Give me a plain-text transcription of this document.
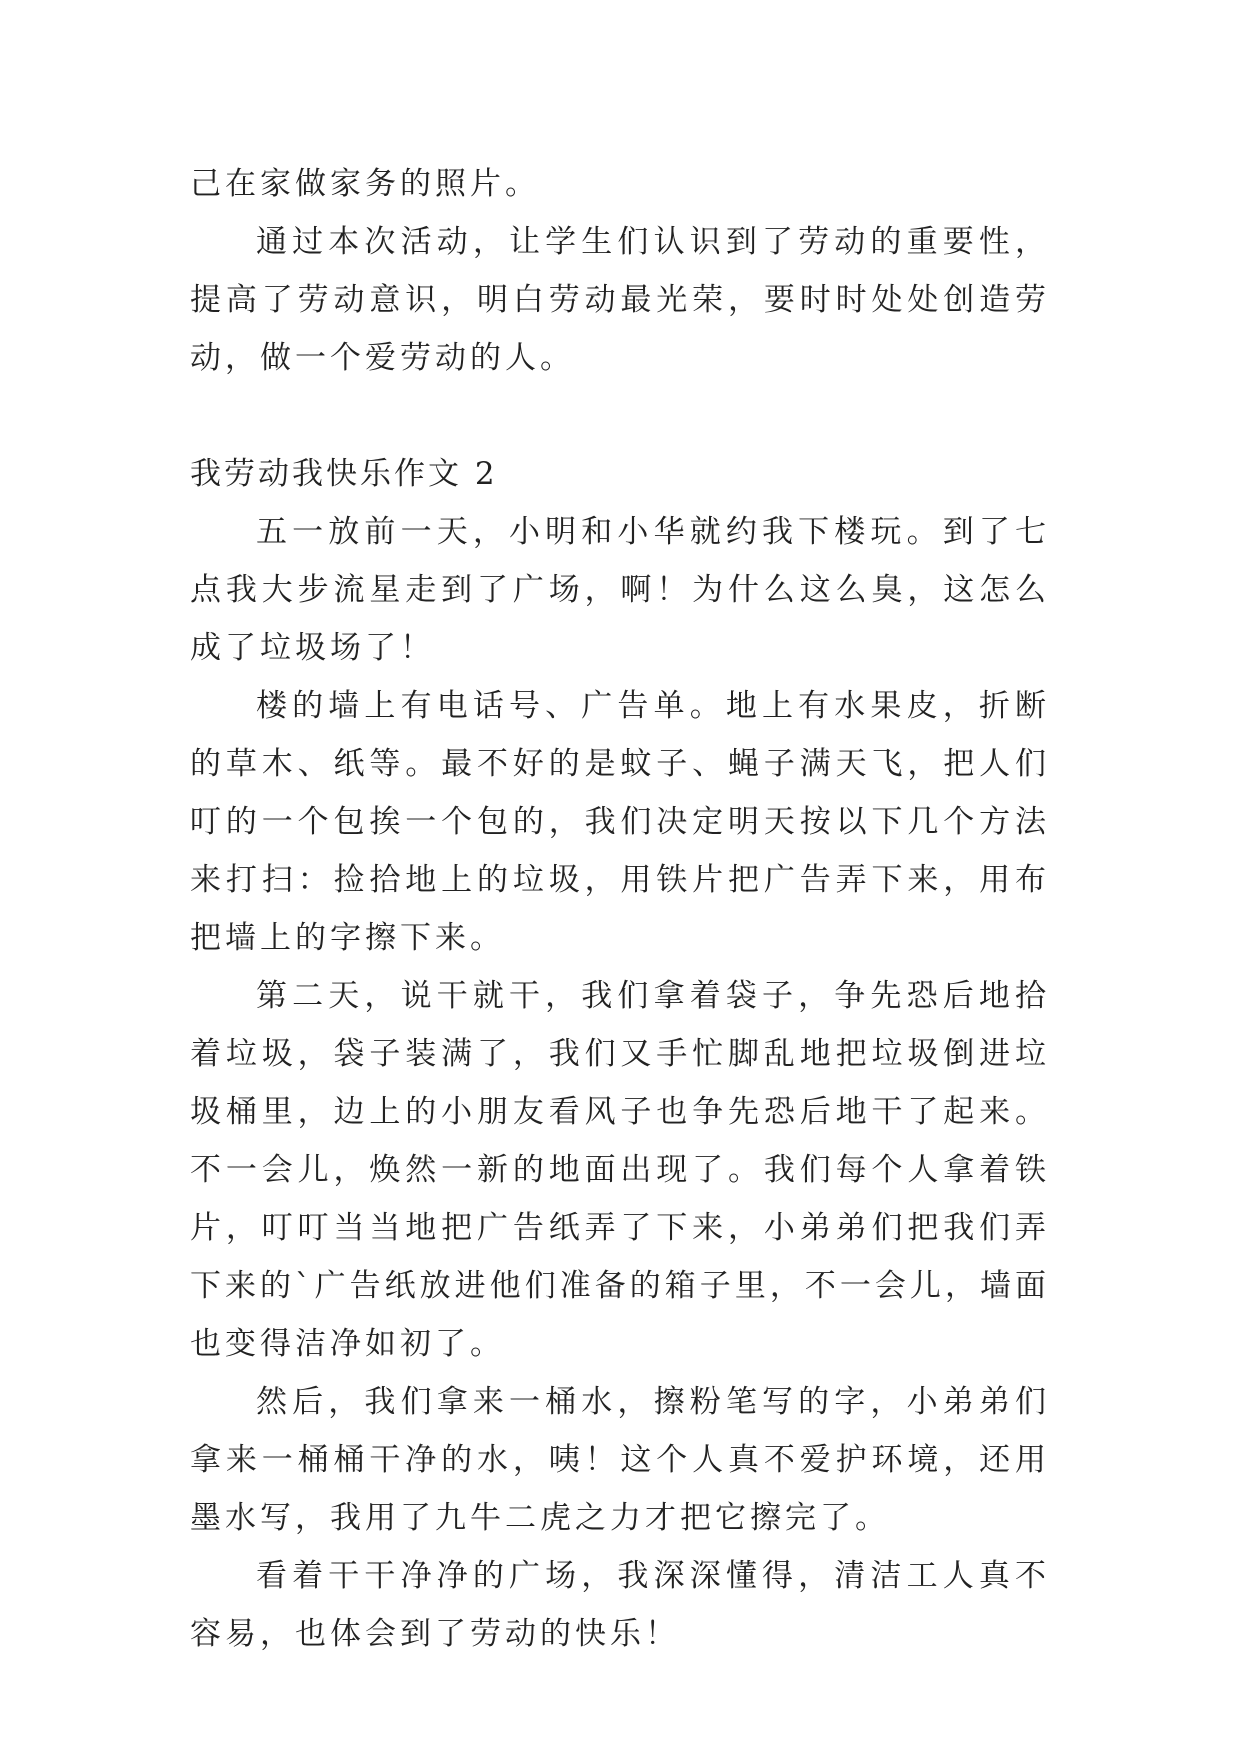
己在家做家务的照片。

通过本次活动，让学生们认识到了劳动的重要性，提高了劳动意识，明白劳动最光荣，要时时处处创造劳动，做一个爱劳动的人。

我劳动我快乐作文 2

五一放前一天，小明和小华就约我下楼玩。到了七点我大步流星走到了广场，啊！为什么这么臭，这怎么成了垃圾场了！

楼的墙上有电话号、广告单。地上有水果皮，折断的草木、纸等。最不好的是蚊子、蝇子满天飞，把人们叮的一个包挨一个包的，我们决定明天按以下几个方法来打扫：捡拾地上的垃圾，用铁片把广告弄下来，用布把墙上的字擦下来。

第二天，说干就干，我们拿着袋子，争先恐后地拾着垃圾，袋子装满了，我们又手忙脚乱地把垃圾倒进垃圾桶里，边上的小朋友看风子也争先恐后地干了起来。不一会儿，焕然一新的地面出现了。我们每个人拿着铁片，叮叮当当地把广告纸弄了下来，小弟弟们把我们弄下来的`广告纸放进他们准备的箱子里，不一会儿，墙面也变得洁净如初了。

然后，我们拿来一桶水，擦粉笔写的字，小弟弟们拿来一桶桶干净的水，咦！这个人真不爱护环境，还用墨水写，我用了九牛二虎之力才把它擦完了。

看着干干净净的广场，我深深懂得，清洁工人真不容易，也体会到了劳动的快乐！
